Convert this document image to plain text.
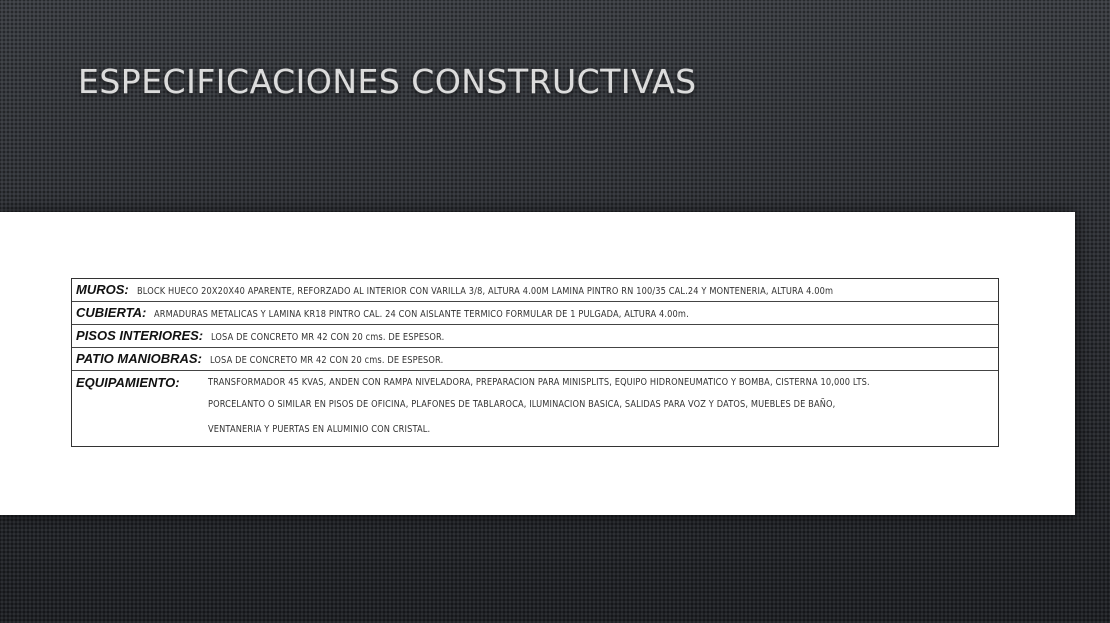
ESPECIFICACIONES CONSTRUCTIVAS
MUROS: BLOCK HUECO 20X20X40 APARENTE, REFORZADO AL INTERIOR CON VARILLA 3/8, ALTURA 4.00M LAMINA PINTRO RN 100/35 CAL.24 Y MONTENERIA, ALTURA 4.00m
CUBIERTA: ARMADURAS METALICAS Y LAMINA KR18 PINTRO CAL. 24 CON AISLANTE TERMICO FORMULAR DE 1 PULGADA, ALTURA 4.00m.
PISOS INTERIORES: LOSA DE CONCRETO MR 42 CON 20 cms. DE ESPESOR.
PATIO MANIOBRAS: LOSA DE CONCRETO MR 42 CON 20 cms. DE ESPESOR.
EQUIPAMIENTO:	TRANSFORMADOR 45 KVAS, ANDEN CON RAMPA NIVELADORA, PREPARACION PARA MINISPLITS, EQUIPO HIDRONEUMATICO Y BOMBA, CISTERNA 10,000 LTS.
PORCELANTO O SIMILAR EN PISOS DE OFICINA, PLAFONES DE TABLAROCA, ILUMINACION BASICA, SALIDAS PARA VOZ Y DATOS, MUEBLES DE BAÑO,
VENTANERIA Y PUERTAS EN ALUMINIO CON CRISTAL.
